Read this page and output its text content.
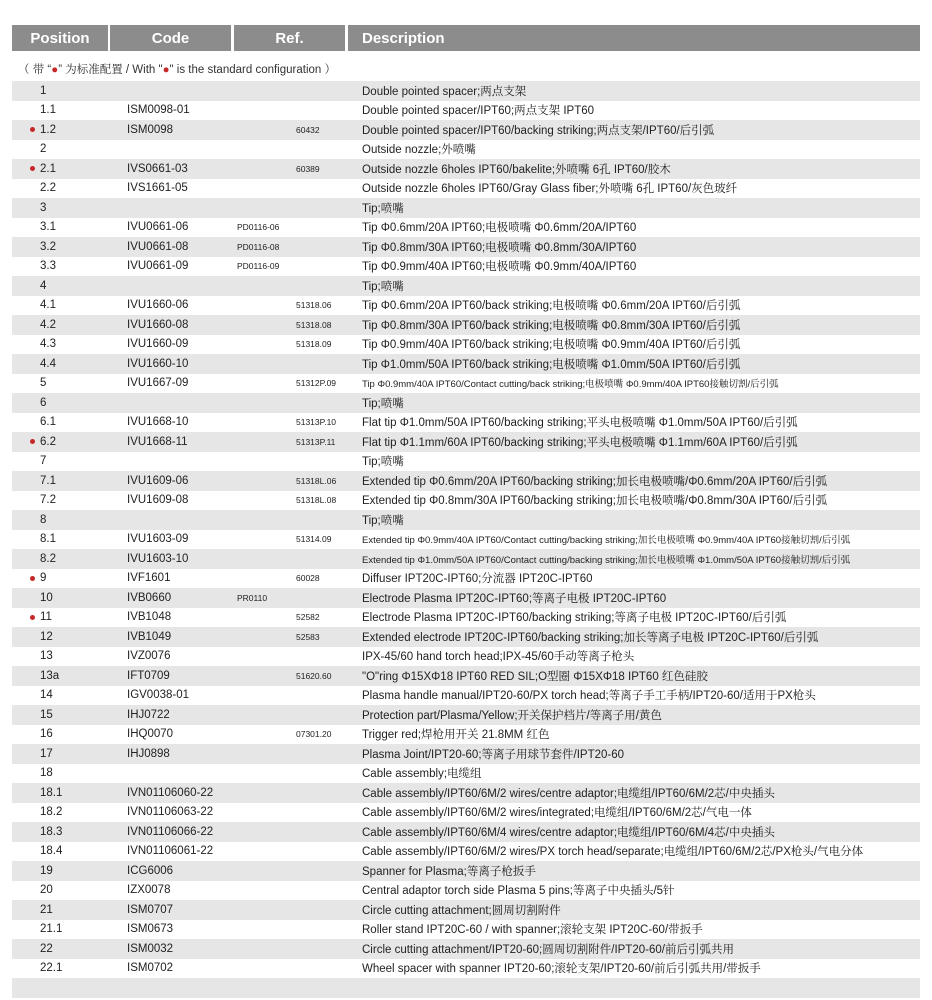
Position	Code	Ref.	Description
（ 带 “●” 为标准配置 / With "●" is the standard configuration ）
1	Double pointed spacer;两点支架
1.1	ISM0098-01	Double pointed spacer/IPT60;两点支架 IPT60
1.2	ISM0098	60432	Double pointed spacer/IPT60/backing striking;两点支架/IPT60/后引弧
2	Outside nozzle;外喷嘴
2.1	IVS0661-03	60389	Outside nozzle 6holes IPT60/bakelite;外喷嘴 6孔 IPT60/胶木
2.2	IVS1661-05	Outside nozzle 6holes IPT60/Gray Glass fiber;外喷嘴 6孔 IPT60/灰色玻纤
3	Tip;喷嘴
3.1	IVU0661-06	PD0116-06	Tip Φ0.6mm/20A IPT60;电极喷嘴 Φ0.6mm/20A/IPT60
3.2	IVU0661-08	PD0116-08	Tip Φ0.8mm/30A IPT60;电极喷嘴 Φ0.8mm/30A/IPT60
3.3	IVU0661-09	PD0116-09	Tip Φ0.9mm/40A IPT60;电极喷嘴 Φ0.9mm/40A/IPT60
4	Tip;喷嘴
4.1	IVU1660-06	51318.06	Tip Φ0.6mm/20A IPT60/back striking;电极喷嘴 Φ0.6mm/20A IPT60/后引弧
4.2	IVU1660-08	51318.08	Tip Φ0.8mm/30A IPT60/back striking;电极喷嘴 Φ0.8mm/30A IPT60/后引弧
4.3	IVU1660-09	51318.09	Tip Φ0.9mm/40A IPT60/back striking;电极喷嘴 Φ0.9mm/40A IPT60/后引弧
4.4	IVU1660-10	Tip Φ1.0mm/50A IPT60/back striking;电极喷嘴 Φ1.0mm/50A IPT60/后引弧
5	IVU1667-09	51312P.09	Tip Φ0.9mm/40A IPT60/Contact cutting/back striking;电极喷嘴 Φ0.9mm/40A IPT60接触切割/后引弧
6	Tip;喷嘴
6.1	IVU1668-10	51313P.10	Flat tip Φ1.0mm/50A IPT60/backing striking;平头电极喷嘴 Φ1.0mm/50A IPT60/后引弧
6.2	IVU1668-11	51313P.11	Flat tip Φ1.1mm/60A IPT60/backing striking;平头电极喷嘴 Φ1.1mm/60A IPT60/后引弧
7	Tip;喷嘴
7.1	IVU1609-06	51318L.06	Extended tip Φ0.6mm/20A IPT60/backing striking;加长电极喷嘴/Φ0.6mm/20A IPT60/后引弧
7.2	IVU1609-08	51318L.08	Extended tip Φ0.8mm/30A IPT60/backing striking;加长电极喷嘴/Φ0.8mm/30A IPT60/后引弧
8	Tip;喷嘴
8.1	IVU1603-09	51314.09	Extended tip Φ0.9mm/40A IPT60/Contact cutting/backing striking;加长电极喷嘴 Φ0.9mm/40A IPT60接触切割/后引弧
8.2	IVU1603-10	Extended tip Φ1.0mm/50A IPT60/Contact cutting/backing striking;加长电极喷嘴 Φ1.0mm/50A IPT60接触切割/后引弧
9	IVF1601	60028	Diffuser IPT20C-IPT60;分流器 IPT20C-IPT60
10	IVB0660	PR0110	Electrode Plasma IPT20C-IPT60;等离子电极 IPT20C-IPT60
11	IVB1048	52582	Electrode Plasma IPT20C-IPT60/backing striking;等离子电极 IPT20C-IPT60/后引弧
12	IVB1049	52583	Extended electrode IPT20C-IPT60/backing striking;加长等离子电极 IPT20C-IPT60/后引弧
13	IVZ0076	IPX-45/60 hand torch head;IPX-45/60手动等离子枪头
13a	IFT0709	51620.60	"O"ring Φ15XΦ18 IPT60 RED SIL;O型圈 Φ15XΦ18 IPT60 红色硅胶
14	IGV0038-01	Plasma handle manual/IPT20-60/PX torch head;等离子手工手柄/IPT20-60/适用于PX枪头
15	IHJ0722	Protection part/Plasma/Yellow;开关保护档片/等离子用/黄色
16	IHQ0070	07301.20	Trigger red;焊枪用开关 21.8MM 红色
17	IHJ0898	Plasma Joint/IPT20-60;等离子用球节套件/IPT20-60
18	Cable assembly;电缆组
18.1	IVN01106060-22	Cable assembly/IPT60/6M/2 wires/centre adaptor;电缆组/IPT60/6M/2芯/中央插头
18.2	IVN01106063-22	Cable assembly/IPT60/6M/2 wires/integrated;电缆组/IPT60/6M/2芯/气电一体
18.3	IVN01106066-22	Cable assembly/IPT60/6M/4 wires/centre adaptor;电缆组/IPT60/6M/4芯/中央插头
18.4	IVN01106061-22	Cable assembly/IPT60/6M/2 wires/PX torch head/separate;电缆组/IPT60/6M/2芯/PX枪头/气电分体
19	ICG6006	Spanner for Plasma;等离子枪扳手
20	IZX0078	Central adaptor torch side Plasma 5 pins;等离子中央插头/5针
21	ISM0707	Circle cutting attachment;圆周切割附件
21.1	ISM0673	Roller stand IPT20C-60 / with spanner;滚轮支架 IPT20C-60/带扳手
22	ISM0032	Circle cutting attachment/IPT20-60;圆周切割附件/IPT20-60/前后引弧共用
22.1	ISM0702	Wheel spacer with spanner IPT20-60;滚轮支架/IPT20-60/前后引弧共用/带扳手
